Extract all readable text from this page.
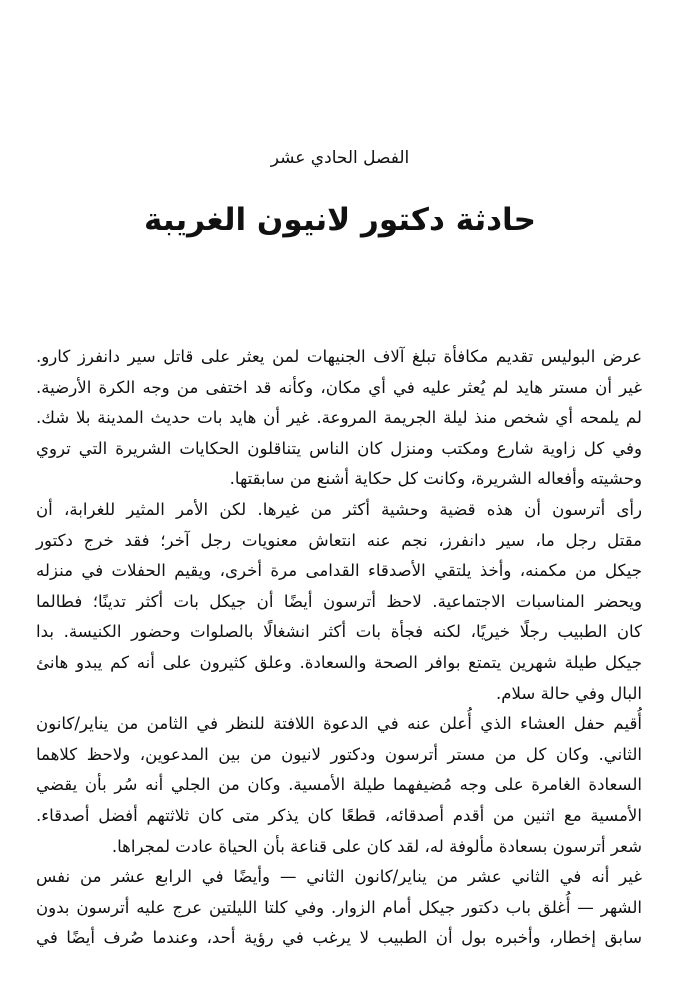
الفصل الحادي عشر
حادثة دكتور لانيون الغريبة

عرض البوليس تقديم مكافأة تبلغ آلاف الجنيهات لمن يعثر على قاتل سير دانفرز كارو.
غير أن مستر هايد لم يُعثر عليه في أي مكان، وكأنه قد اختفى من وجه الكرة الأرضية.
لم يلمحه أي شخص منذ ليلة الجريمة المروعة. غير أن هايد بات حديث المدينة بلا شك.
وفي كل زاوية شارع ومكتب ومنزل كان الناس يتناقلون الحكايات الشريرة التي تروي
وحشيته وأفعاله الشريرة، وكانت كل حكاية أشنع من سابقتها.

رأى أترسون أن هذه قضية وحشية أكثر من غيرها. لكن الأمر المثير للغرابة، أن
مقتل رجل ما، سير دانفرز، نجم عنه انتعاش معنويات رجل آخر؛ فقد خرج دكتور
جيكل من مكمنه، وأخذ يلتقي الأصدقاء القدامى مرة أخرى، ويقيم الحفلات في منزله
ويحضر المناسبات الاجتماعية. لاحظ أترسون أيضًا أن جيكل بات أكثر تدينًا؛ فطالما
كان الطبيب رجلًا خيريًا، لكنه فجأة بات أكثر انشغالًا بالصلوات وحضور الكنيسة. بدا
جيكل طيلة شهرين يتمتع بوافر الصحة والسعادة. وعلق كثيرون على أنه كم يبدو هانئ
البال وفي حالة سلام.

أُقيم حفل العشاء الذي أُعلن عنه في الدعوة اللافتة للنظر في الثامن من يناير/كانون
الثاني. وكان كل من مستر أترسون ودكتور لانيون من بين المدعوين، ولاحظ كلاهما
السعادة الغامرة على وجه مُضيفهما طيلة الأمسية. وكان من الجلي أنه سُر بأن يقضي
الأمسية مع اثنين من أقدم أصدقائه، قطعًا كان يذكر متى كان ثلاثتهم أفضل أصدقاء.
شعر أترسون بسعادة مألوفة له، لقد كان على قناعة بأن الحياة عادت لمجراها.

غير أنه في الثاني عشر من يناير/كانون الثاني — وأيضًا في الرابع عشر من نفس
الشهر — أُغلق باب دكتور جيكل أمام الزوار. وفي كلتا الليلتين عرج عليه أترسون بدون
سابق إخطار، وأخبره بول أن الطبيب لا يرغب في رؤية أحد، وعندما صُرف أيضًا في
